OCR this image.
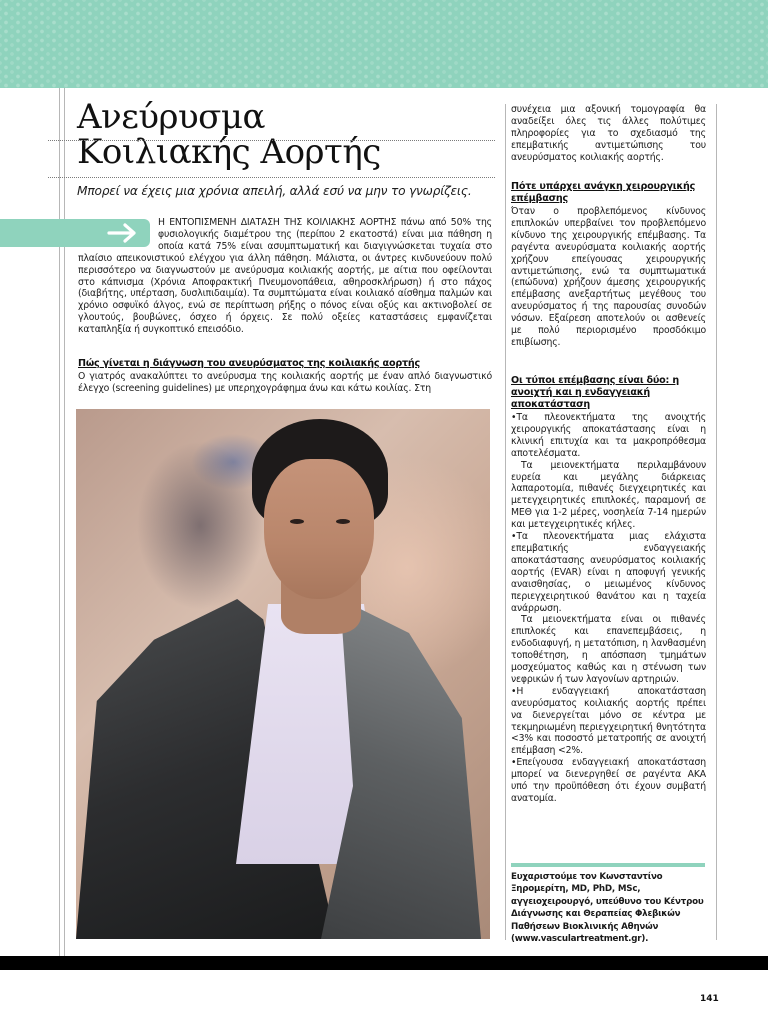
Ανεύρυσμα
Κοιλιακής Αορτής
Μπορεί να έχεις μια χρόνια απειλή, αλλά εσύ να μην το γνωρίζεις.
Η ΕΝΤΟΠΙΣΜΕΝΗ ΔΙΑΤΑΣΗ ΤΗΣ ΚΟΙΛΙΑΚΗΣ ΑΟΡΤΗΣ πάνω από 50% της φυσιολογικής διαμέτρου της (περίπου 2 εκατοστά) είναι μια πάθηση η οποία κατά 75% είναι ασυμπτωματική και διαγιγνώσκεται τυχαία στο πλαίσιο απεικονιστικού ελέγχου για άλλη πάθηση. Μάλιστα, οι άντρες κινδυνεύουν πολύ περισσότερο να διαγνωστούν με ανεύρυσμα κοιλιακής αορτής, με αίτια που οφείλονται στο κάπνισμα (Χρόνια Αποφρακτική Πνευμονοπάθεια, αθηροσκλήρωση) ή στο πάχος (διαβήτης, υπέρταση, δυσλιπιδαιμία). Τα συμπτώματα είναι κοιλιακό αίσθημα παλμών και χρόνιο οσφυϊκό άλγος, ενώ σε περίπτωση ρήξης ο πόνος είναι οξύς και ακτινοβολεί σε γλουτούς, βουβώνες, όσχεο ή όρχεις. Σε πολύ οξείες καταστάσεις εμφανίζεται καταπληξία ή συγκοπτικό επεισόδιο.
Πώς γίνεται η διάγνωση του ανευρύσματος της κοιλιακής αορτής
Ο γιατρός ανακαλύπτει το ανεύρυσμα της κοιλιακής αορτής με έναν απλό διαγνωστικό έλεγχο (screening guidelines) με υπερηχογράφημα άνω και κάτω κοιλίας. Στη
συνέχεια μια αξονική τομογραφία θα αναδείξει όλες τις άλλες πολύτιμες πληροφορίες για το σχεδιασμό της επεμβατικής αντιμετώπισης του ανευρύσματος κοιλιακής αορτής.
Πότε υπάρχει ανάγκη χειρουργικής επέμβασης
Όταν ο προβλεπόμενος κίνδυνος επιπλοκών υπερβαίνει τον προβλεπόμενο κίνδυνο της χειρουργικής επέμβασης. Τα ραγέντα ανευρύσματα κοιλιακής αορτής χρήζουν επείγουσας χειρουργικής αντιμετώπισης, ενώ τα συμπτωματικά (επώδυνα) χρήζουν άμεσης χειρουργικής επέμβασης ανεξαρτήτως μεγέθους του ανευρύσματος ή της παρουσίας συνοδών νόσων. Εξαίρεση αποτελούν οι ασθενείς με πολύ περιορισμένο προσδόκιμο επιβίωσης.
Οι τύποι επέμβασης είναι δύο: η ανοιχτή και η ενδαγγειακή αποκατάσταση

•Τα πλεονεκτήματα της ανοιχτής χειρουργικής αποκατάστασης είναι η κλινική επιτυχία και τα μακροπρόθεσμα αποτελέσματα.

Τα μειονεκτήματα περιλαμβάνουν ευρεία και μεγάλης διάρκειας λαπαροτομία, πιθανές διεγχειρητικές και μετεγχειρητικές επιπλοκές, παραμονή σε ΜΕΘ για 1-2 μέρες, νοσηλεία 7-14 ημερών και μετεγχειρητικές κήλες.

•Τα πλεονεκτήματα μιας ελάχιστα επεμβατικής ενδαγγειακής αποκατάστασης ανευρύσματος κοιλιακής αορτής (EVAR) είναι η αποφυγή γενικής αναισθησίας, ο μειωμένος κίνδυνος περιεγχειρητικού θανάτου και η ταχεία ανάρρωση.

Τα μειονεκτήματα είναι οι πιθανές επιπλοκές και επανεπεμβάσεις, η ενδοδιαφυγή, η μετατόπιση, η λανθασμένη τοποθέτηση, η απόσπαση τμημάτων μοσχεύματος καθώς και η στένωση των νεφρικών ή των λαγονίων αρτηριών.

•Η ενδαγγειακή αποκατάσταση ανευρύσματος κοιλιακής αορτής πρέπει να διενεργείται μόνο σε κέντρα με τεκμηριωμένη περιεγχειρητική θνητότητα <3% και ποσοστό μετατροπής σε ανοιχτή επέμβαση <2%.

•Επείγουσα ενδαγγειακή αποκατάσταση μπορεί να διενεργηθεί σε ραγέντα ΑΚΑ υπό την προϋπόθεση ότι έχουν συμβατή ανατομία.

Ευχαριστούμε τον Κωνσταντίνο Ξηρομερίτη, MD, PhD, MSc, αγγειοχειρουργό, υπεύθυνο του Κέντρου Διάγνωσης και Θεραπείας Φλεβικών Παθήσεων Βιοκλινικής Αθηνών (www.vasculartreatment.gr).
141
